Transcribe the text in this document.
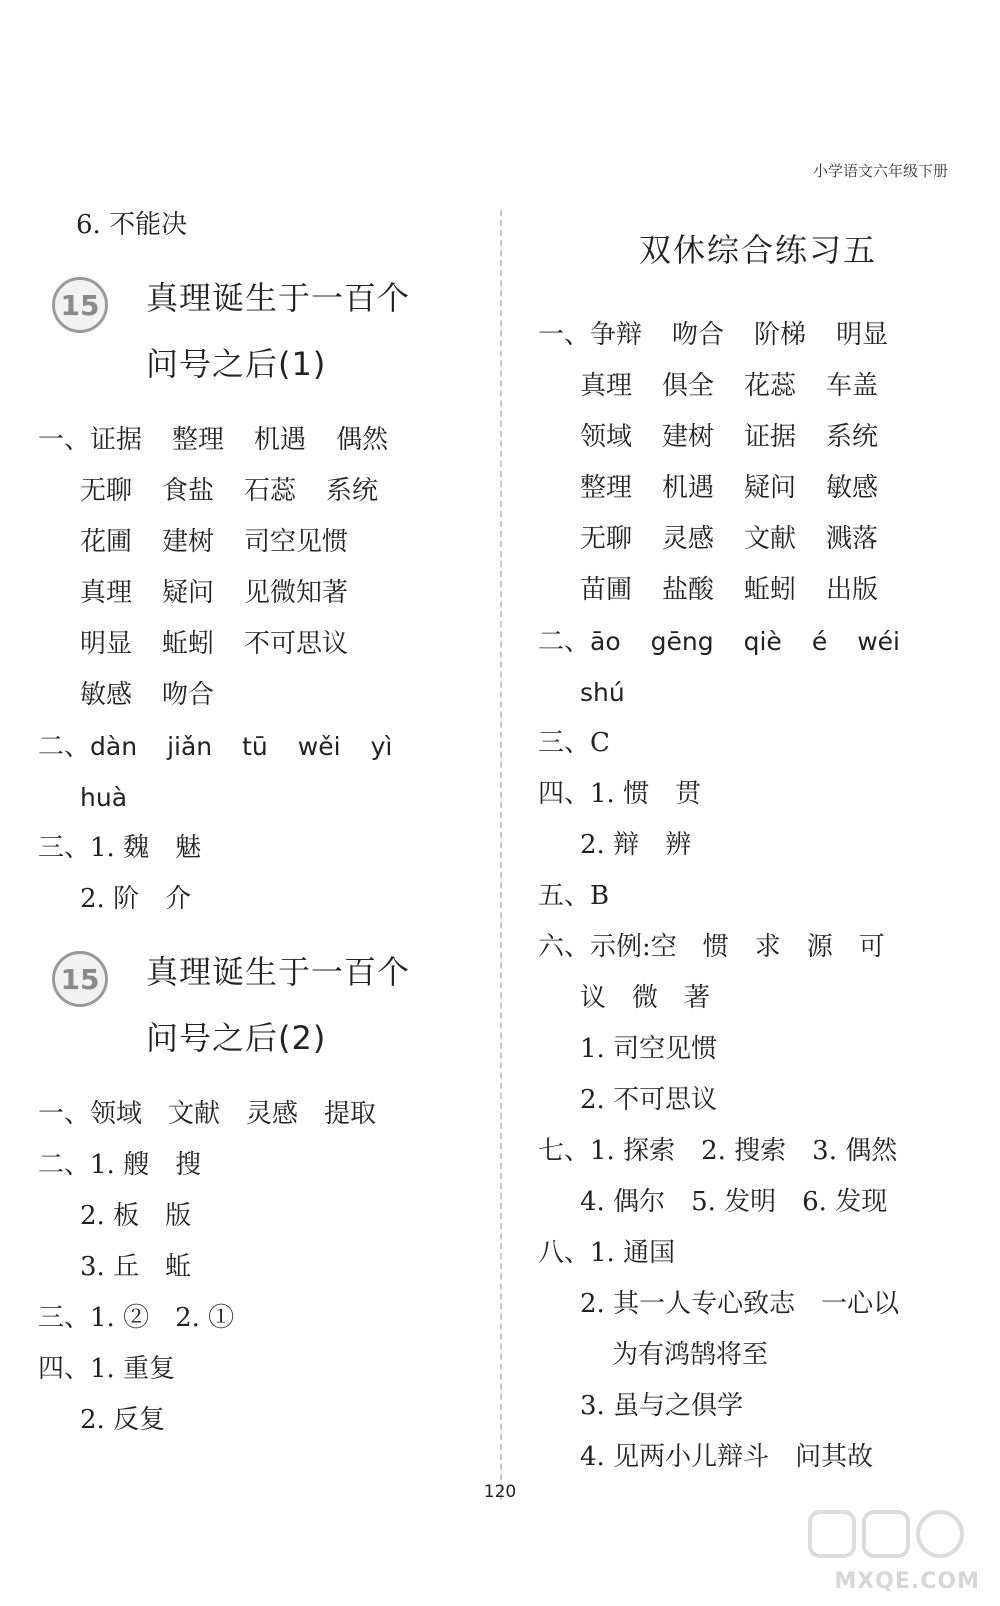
小学语文六年级下册
6. 不能决
15 真理诞生于一百个
问号之后(1)
一、证据 整理 机遇 偶然
无聊 食盐 石蕊 系统
花圃 建树 司空见惯
真理 疑问 见微知著
明显 蚯蚓 不可思议
敏感 吻合
二、dàn jiǎn tū wěi yì
huà
三、1. 魏　魅
2. 阶　介
15 真理诞生于一百个
问号之后(2)
一、领域　文献　灵感　提取
二、1. 艘　搜
2. 板　版
3. 丘　蚯
三、1. ②　2. ①
四、1. 重复
2. 反复
双休综合练习五
一、争辩 吻合 阶梯 明显
真理 俱全 花蕊 车盖
领域 建树 证据 系统
整理 机遇 疑问 敏感
无聊 灵感 文献 溅落
苗圃 盐酸 蚯蚓 出版
二、āo gēng qiè é wéi
shú
三、C
四、1. 惯　贯
2. 辩　辨
五、B
六、示例:空　惯　求　源　可
议　微　著
1. 司空见惯
2. 不可思议
七、1. 探索　2. 搜索　3. 偶然
4. 偶尔　5. 发明　6. 发现
八、1. 通国
2. 其一人专心致志　一心以
为有鸿鹄将至
3. 虽与之俱学
4. 见两小儿辩斗　问其故
120
MXQE.COM
